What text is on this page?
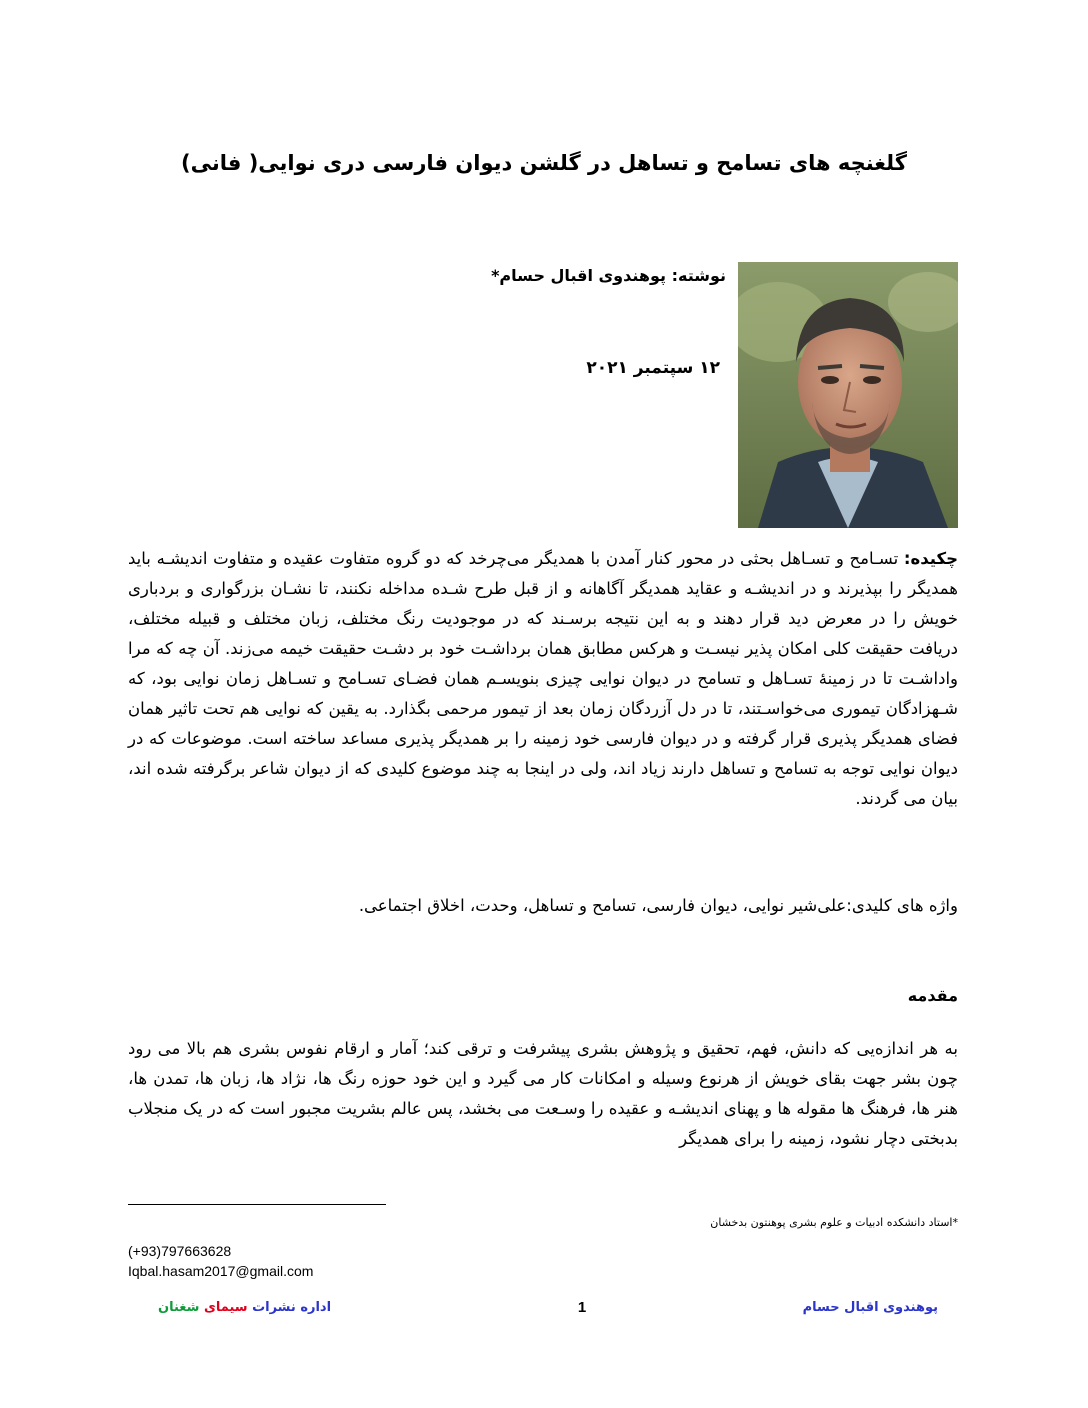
گلغنچه های تسامح و تساهل در گلشن دیوان فارسی دری نوایی( فانی)
نوشته: پوهندوی اقبال حسام*
۱۲ سپتمبر ۲۰۲۱
چکیده: تسـامح و تسـاهل بحثی در محور کنار آمدن با همدیگر می‌چرخد که دو گروه متفاوت عقیده و متفاوت اندیشـه باید همدیگر را بپذیرند و در اندیشـه و عقاید همدیگر آگاهانه و از قبل طرح شـده مداخله نکنند، تا نشـان بزرگواری و بردباری خویش را در معرض دید قرار دهند و به این نتیجه برسـند که در موجودیت رنگ مختلف، زبان مختلف و قبیله مختلف، دریافت حقیقت کلی امکان پذیر نیسـت و هرکس مطابق همان برداشـت خود بر دشـت حقیقت خیمه می‌زند. آن چه که مرا واداشـت تا در زمینهٔ تسـاهل و تسامح در دیوان نوایی چیزی بنویسـم همان فضـای تسـامح و تسـاهل زمان نوایی بود، که شـهزادگان تیموری می‌خواسـتند، تا در دل آزردگان زمان بعد از تیمور مرحمی بگذارد. به یقین که نوایی هم تحت تاثیر همان فضای همدیگر پذیری قرار گرفته و در دیوان فارسی خود زمینه را بر همدیگر پذیری مساعد ساخته است. موضوعات که در دیوان نوایی توجه به تسامح و تساهل دارند زیاد اند، ولی در اینجا به چند موضوع کلیدی که از دیوان شاعر برگرفته شده اند، بیان می گردند.
واژه های کلیدی:علی‌شیر نوایی، دیوان فارسی، تسامح و تساهل، وحدت، اخلاق اجتماعی.
مقدمه
به هر اندازه‌یی که دانش، فهم، تحقیق و پژوهش بشری پیشرفت و ترقی کند؛ آمار و ارقام نفوس بشری هم بالا می رود چون بشر جهت بقای خویش از هرنوع وسیله و امکانات کار می گیرد و این خود حوزه رنگ ها، نژاد ها، زبان ها، تمدن ها، هنر ها، فرهنگ ها مقوله ها و پهنای اندیشـه و عقیده را وسـعت می بخشد، پس عالم بشریت مجبور است که در یک منجلاب بدبختی دچار نشود، زمینه را برای همدیگر
*استاد دانشکده ادبیات و علوم بشری پوهنتون بدخشان
(+93)797663628
Iqbal.hasam2017@gmail.com
اداره نشرات سیمای شغنان	1	پوهندوی اقبال حسام
